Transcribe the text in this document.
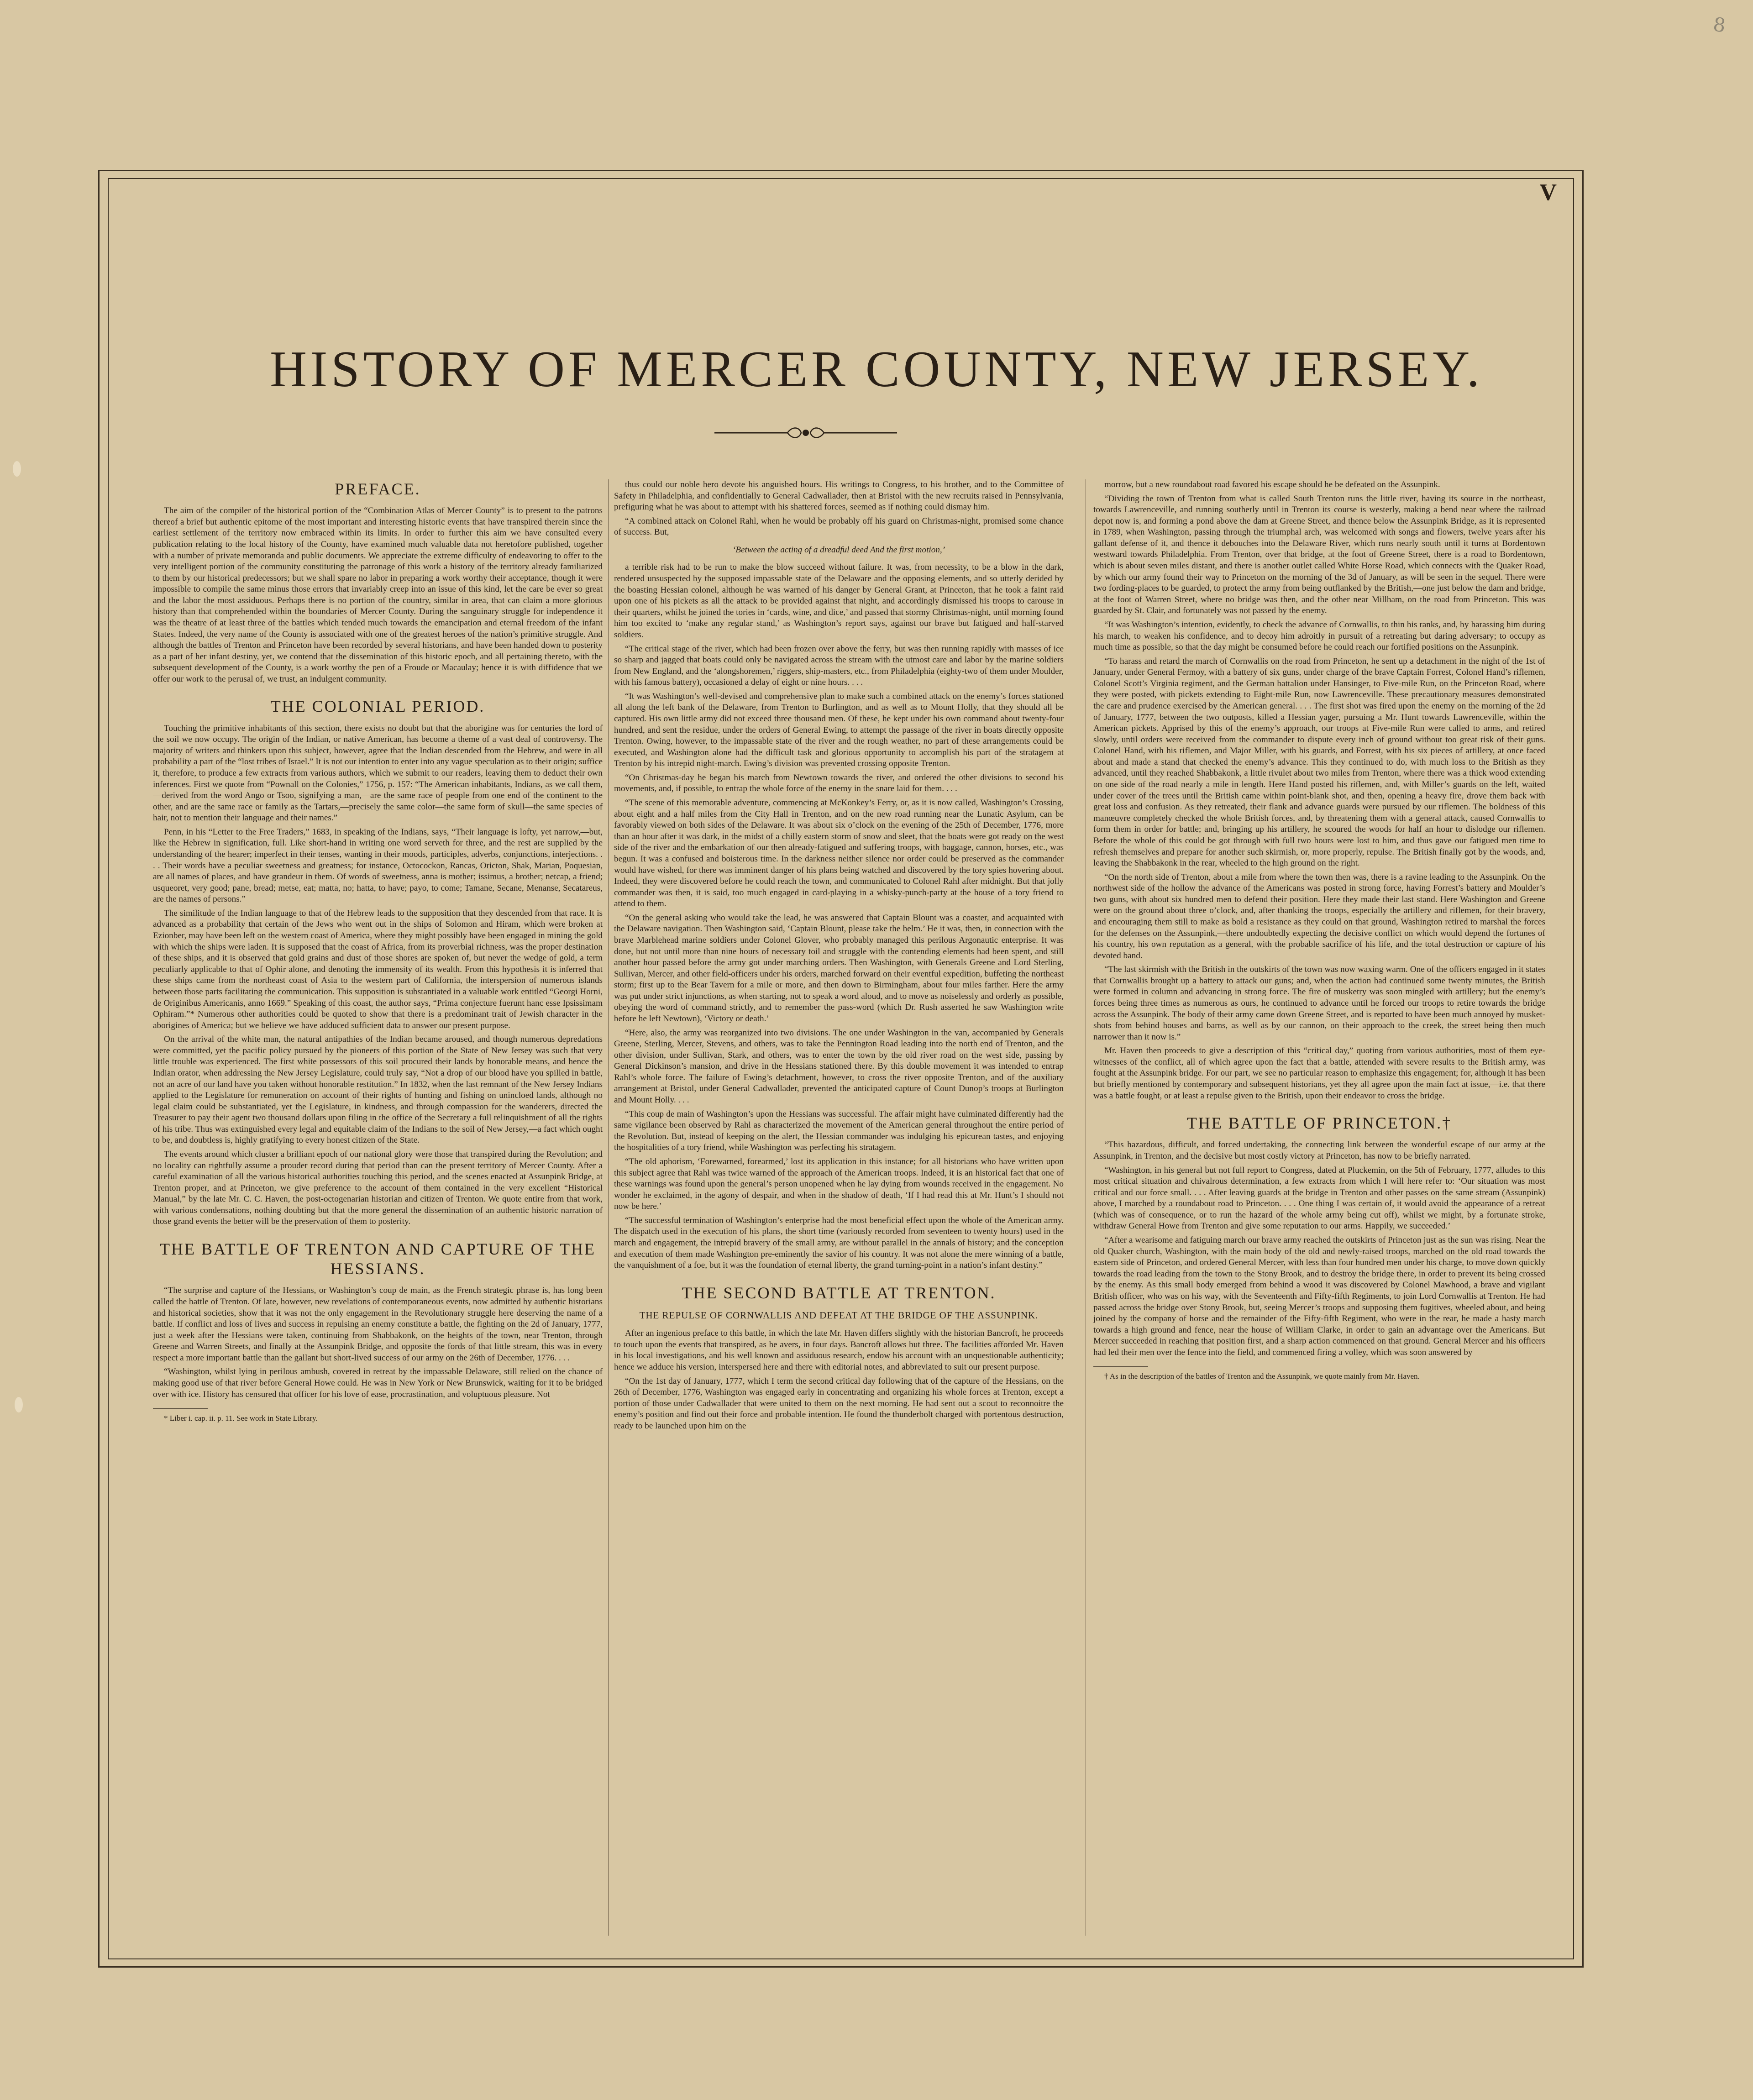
8
V
HISTORY OF MERCER COUNTY, NEW JERSEY.
PREFACE.

The aim of the compiler of the historical portion of the “Combination Atlas of Mercer County” is to present to the patrons thereof a brief but authentic epitome of the most important and interesting historic events that have transpired therein since the earliest settlement of the territory now embraced within its limits. In order to further this aim we have consulted every publication relating to the local history of the County, have examined much valuable data not heretofore published, together with a number of private memoranda and public documents. We appreciate the extreme difficulty of endeavoring to offer to the very intelligent portion of the community constituting the patronage of this work a history of the territory already familiarized to them by our historical predecessors; but we shall spare no labor in preparing a work worthy their acceptance, though it were impossible to compile the same minus those errors that invariably creep into an issue of this kind, let the care be ever so great and the labor the most assiduous. Perhaps there is no portion of the country, similar in area, that can claim a more glorious history than that comprehended within the boundaries of Mercer County. During the sanguinary struggle for independence it was the theatre of at least three of the battles which tended much towards the emancipation and eternal freedom of the infant States. Indeed, the very name of the County is associated with one of the greatest heroes of the nation’s primitive struggle. And although the battles of Trenton and Princeton have been recorded by several historians, and have been handed down to posterity as a part of her infant destiny, yet, we contend that the dissemination of this historic epoch, and all pertaining thereto, with the subsequent development of the County, is a work worthy the pen of a Froude or Macaulay; hence it is with diffidence that we offer our work to the perusal of, we trust, an indulgent community.

THE COLONIAL PERIOD.

Touching the primitive inhabitants of this section, there exists no doubt but that the aborigine was for centuries the lord of the soil we now occupy. The origin of the Indian, or native American, has become a theme of a vast deal of controversy. The majority of writers and thinkers upon this subject, however, agree that the Indian descended from the Hebrew, and were in all probability a part of the “lost tribes of Israel.” It is not our intention to enter into any vague speculation as to their origin; suffice it, therefore, to produce a few extracts from various authors, which we submit to our readers, leaving them to deduct their own inferences. First we quote from “Pownall on the Colonies,” 1756, p. 157: “The American inhabitants, Indians, as we call them,—derived from the word Ango or Tsoo, signifying a man,—are the same race of people from one end of the continent to the other, and are the same race or family as the Tartars,—precisely the same color—the same form of skull—the same species of hair, not to mention their language and their names.”

Penn, in his “Letter to the Free Traders,” 1683, in speaking of the Indians, says, “Their language is lofty, yet narrow,—but, like the Hebrew in signification, full. Like short-hand in writing one word serveth for three, and the rest are supplied by the understanding of the hearer; imperfect in their tenses, wanting in their moods, participles, adverbs, conjunctions, interjections. . . . Their words have a peculiar sweetness and greatness; for instance, Octocockon, Rancas, Oricton, Shak, Marian, Poquesian, are all names of places, and have grandeur in them. Of words of sweetness, anna is mother; issimus, a brother; netcap, a friend; usqueoret, very good; pane, bread; metse, eat; matta, no; hatta, to have; payo, to come; Tamane, Secane, Menanse, Secatareus, are the names of persons.”

The similitude of the Indian language to that of the Hebrew leads to the supposition that they descended from that race. It is advanced as a probability that certain of the Jews who went out in the ships of Solomon and Hiram, which were broken at Ezionber, may have been left on the western coast of America, where they might possibly have been engaged in mining the gold with which the ships were laden. It is supposed that the coast of Africa, from its proverbial richness, was the proper destination of these ships, and it is observed that gold grains and dust of those shores are spoken of, but never the wedge of gold, a term peculiarly applicable to that of Ophir alone, and denoting the immensity of its wealth. From this hypothesis it is inferred that these ships came from the northeast coast of Asia to the western part of California, the interspersion of numerous islands between those parts facilitating the communication. This supposition is substantiated in a valuable work entitled “Georgi Horni, de Originibus Americanis, anno 1669.” Speaking of this coast, the author says, “Prima conjecture fuerunt hanc esse Ipsissimam Ophiram.”* Numerous other authorities could be quoted to show that there is a predominant trait of Jewish character in the aborigines of America; but we believe we have adduced sufficient data to answer our present purpose.

On the arrival of the white man, the natural antipathies of the Indian became aroused, and though numerous depredations were committed, yet the pacific policy pursued by the pioneers of this portion of the State of New Jersey was such that very little trouble was experienced. The first white possessors of this soil procured their lands by honorable means, and hence the Indian orator, when addressing the New Jersey Legislature, could truly say, “Not a drop of our blood have you spilled in battle, not an acre of our land have you taken without honorable restitution.” In 1832, when the last remnant of the New Jersey Indians applied to the Legislature for remuneration on account of their rights of hunting and fishing on unincloed lands, although no legal claim could be substantiated, yet the Legislature, in kindness, and through compassion for the wanderers, directed the Treasurer to pay their agent two thousand dollars upon filing in the office of the Secretary a full relinquishment of all the rights of his tribe. Thus was extinguished every legal and equitable claim of the Indians to the soil of New Jersey,—a fact which ought to be, and doubtless is, highly gratifying to every honest citizen of the State.

The events around which cluster a brilliant epoch of our national glory were those that transpired during the Revolution; and no locality can rightfully assume a prouder record during that period than can the present territory of Mercer County. After a careful examination of all the various historical authorities touching this period, and the scenes enacted at Assunpink Bridge, at Trenton proper, and at Princeton, we give preference to the account of them contained in the very excellent “Historical Manual,” by the late Mr. C. C. Haven, the post-octogenarian historian and citizen of Trenton. We quote entire from that work, with various condensations, nothing doubting but that the more general the dissemination of an authentic historic narration of those grand events the better will be the preservation of them to posterity.

THE BATTLE OF TRENTON AND CAPTURE OF THE HESSIANS.

“The surprise and capture of the Hessians, or Washington’s coup de main, as the French strategic phrase is, has long been called the battle of Trenton. Of late, however, new revelations of contemporaneous events, now admitted by authentic historians and historical societies, show that it was not the only engagement in the Revolutionary struggle here deserving the name of a battle. If conflict and loss of lives and success in repulsing an enemy constitute a battle, the fighting on the 2d of January, 1777, just a week after the Hessians were taken, continuing from Shabbakonk, on the heights of the town, near Trenton, through Greene and Warren Streets, and finally at the Assunpink Bridge, and opposite the fords of that little stream, this was in every respect a more important battle than the gallant but short-lived success of our army on the 26th of December, 1776. . . .

“Washington, whilst lying in perilous ambush, covered in retreat by the impassable Delaware, still relied on the chance of making good use of that river before General Howe could. He was in New York or New Brunswick, waiting for it to be bridged over with ice. History has censured that officer for his love of ease, procrastination, and voluptuous pleasure. Not

* Liber i. cap. ii. p. 11. See work in State Library.

thus could our noble hero devote his anguished hours. His writings to Congress, to his brother, and to the Committee of Safety in Philadelphia, and confidentially to General Cadwallader, then at Bristol with the new recruits raised in Pennsylvania, prefiguring what he was about to attempt with his shattered forces, seemed as if nothing could dismay him.

“A combined attack on Colonel Rahl, when he would be probably off his guard on Christmas-night, promised some chance of success. But,

‘Between the acting of a dreadful deed And the first motion,’

a terrible risk had to be run to make the blow succeed without failure. It was, from necessity, to be a blow in the dark, rendered unsuspected by the supposed impassable state of the Delaware and the opposing elements, and so utterly derided by the boasting Hessian colonel, although he was warned of his danger by General Grant, at Princeton, that he took a faint raid upon one of his pickets as all the attack to be provided against that night, and accordingly dismissed his troops to carouse in their quarters, whilst he joined the tories in ‘cards, wine, and dice,’ and passed that stormy Christmas-night, until morning found him too excited to ‘make any regular stand,’ as Washington’s report says, against our brave but fatigued and half-starved soldiers.

“The critical stage of the river, which had been frozen over above the ferry, but was then running rapidly with masses of ice so sharp and jagged that boats could only be navigated across the stream with the utmost care and labor by the marine soldiers from New England, and the ‘alongshoremen,’ riggers, ship-masters, etc., from Philadelphia (eighty-two of them under Moulder, with his famous battery), occasioned a delay of eight or nine hours. . . .

“It was Washington’s well-devised and comprehensive plan to make such a combined attack on the enemy’s forces stationed all along the left bank of the Delaware, from Trenton to Burlington, and as well as to Mount Holly, that they should all be captured. His own little army did not exceed three thousand men. Of these, he kept under his own command about twenty-four hundred, and sent the residue, under the orders of General Ewing, to attempt the passage of the river in boats directly opposite Trenton. Owing, however, to the impassable state of the river and the rough weather, no part of these arrangements could be executed, and Washington alone had the difficult task and glorious opportunity to accomplish his part of the stratagem at Trenton by his intrepid night-march. Ewing’s division was prevented crossing opposite Trenton.

“On Christmas-day he began his march from Newtown towards the river, and ordered the other divisions to second his movements, and, if possible, to entrap the whole force of the enemy in the snare laid for them. . . .

“The scene of this memorable adventure, commencing at McKonkey’s Ferry, or, as it is now called, Washington’s Crossing, about eight and a half miles from the City Hall in Trenton, and on the new road running near the Lunatic Asylum, can be favorably viewed on both sides of the Delaware. It was about six o’clock on the evening of the 25th of December, 1776, more than an hour after it was dark, in the midst of a chilly eastern storm of snow and sleet, that the boats were got ready on the west side of the river and the embarkation of our then already-fatigued and suffering troops, with baggage, cannon, horses, etc., was begun. It was a confused and boisterous time. In the darkness neither silence nor order could be preserved as the commander would have wished, for there was imminent danger of his plans being watched and discovered by the tory spies hovering about. Indeed, they were discovered before he could reach the town, and communicated to Colonel Rahl after midnight. But that jolly commander was then, it is said, too much engaged in card-playing in a whisky-punch-party at the house of a tory friend to attend to them.

“On the general asking who would take the lead, he was answered that Captain Blount was a coaster, and acquainted with the Delaware navigation. Then Washington said, ‘Captain Blount, please take the helm.’ He it was, then, in connection with the brave Marblehead marine soldiers under Colonel Glover, who probably managed this perilous Argonautic enterprise. It was done, but not until more than nine hours of necessary toil and struggle with the contending elements had been spent, and still another hour passed before the army got under marching orders. Then Washington, with Generals Greene and Lord Sterling, Sullivan, Mercer, and other field-officers under his orders, marched forward on their eventful expedition, buffeting the northeast storm; first up to the Bear Tavern for a mile or more, and then down to Birmingham, about four miles farther. Here the army was put under strict injunctions, as when starting, not to speak a word aloud, and to move as noiselessly and orderly as possible, obeying the word of command strictly, and to remember the pass-word (which Dr. Rush asserted he saw Washington write before he left Newtown), ‘Victory or death.’

“Here, also, the army was reorganized into two divisions. The one under Washington in the van, accompanied by Generals Greene, Sterling, Mercer, Stevens, and others, was to take the Pennington Road leading into the north end of Trenton, and the other division, under Sullivan, Stark, and others, was to enter the town by the old river road on the west side, passing by General Dickinson’s mansion, and drive in the Hessians stationed there. By this double movement it was intended to entrap Rahl’s whole force. The failure of Ewing’s detachment, however, to cross the river opposite Trenton, and of the auxiliary arrangement at Bristol, under General Cadwallader, prevented the anticipated capture of Count Dunop’s troops at Burlington and Mount Holly. . . .

“This coup de main of Washington’s upon the Hessians was successful. The affair might have culminated differently had the same vigilance been observed by Rahl as characterized the movement of the American general throughout the entire period of the Revolution. But, instead of keeping on the alert, the Hessian commander was indulging his epicurean tastes, and enjoying the hospitalities of a tory friend, while Washington was perfecting his stratagem.

“The old aphorism, ‘Forewarned, forearmed,’ lost its application in this instance; for all historians who have written upon this subject agree that Rahl was twice warned of the approach of the American troops. Indeed, it is an historical fact that one of these warnings was found upon the general’s person unopened when he lay dying from wounds received in the engagement. No wonder he exclaimed, in the agony of despair, and when in the shadow of death, ‘If I had read this at Mr. Hunt’s I should not now be here.’

“The successful termination of Washington’s enterprise had the most beneficial effect upon the whole of the American army. The dispatch used in the execution of his plans, the short time (variously recorded from seventeen to twenty hours) used in the march and engagement, the intrepid bravery of the small army, are without parallel in the annals of history; and the conception and execution of them made Washington pre-eminently the savior of his country. It was not alone the mere winning of a battle, the vanquishment of a foe, but it was the foundation of eternal liberty, the grand turning-point in a nation’s infant destiny.”

THE SECOND BATTLE AT TRENTON.
THE REPULSE OF CORNWALLIS AND DEFEAT AT THE BRIDGE OF THE ASSUNPINK.

After an ingenious preface to this battle, in which the late Mr. Haven differs slightly with the historian Bancroft, he proceeds to touch upon the events that transpired, as he avers, in four days. Bancroft allows but three. The facilities afforded Mr. Haven in his local investigations, and his well known and assiduous research, endow his account with an unquestionable authenticity; hence we adduce his version, interspersed here and there with editorial notes, and abbreviated to suit our present purpose.

“On the 1st day of January, 1777, which I term the second critical day following that of the capture of the Hessians, on the 26th of December, 1776, Washington was engaged early in concentrating and organizing his whole forces at Trenton, except a portion of those under Cadwallader that were united to them on the next morning. He had sent out a scout to reconnoitre the enemy’s position and find out their force and probable intention. He found the thunderbolt charged with portentous destruction, ready to be launched upon him on the

morrow, but a new roundabout road favored his escape should he be defeated on the Assunpink.

“Dividing the town of Trenton from what is called South Trenton runs the little river, having its source in the northeast, towards Lawrenceville, and running southerly until in Trenton its course is westerly, making a bend near where the railroad depot now is, and forming a pond above the dam at Greene Street, and thence below the Assunpink Bridge, as it is represented in 1789, when Washington, passing through the triumphal arch, was welcomed with songs and flowers, twelve years after his gallant defense of it, and thence it debouches into the Delaware River, which runs nearly south until it turns at Bordentown westward towards Philadelphia. From Trenton, over that bridge, at the foot of Greene Street, there is a road to Bordentown, which is about seven miles distant, and there is another outlet called White Horse Road, which connects with the Quaker Road, by which our army found their way to Princeton on the morning of the 3d of January, as will be seen in the sequel. There were two fording-places to be guarded, to protect the army from being outflanked by the British,—one just below the dam and bridge, at the foot of Warren Street, where no bridge was then, and the other near Millham, on the road from Princeton. This was guarded by St. Clair, and fortunately was not passed by the enemy.

“It was Washington’s intention, evidently, to check the advance of Cornwallis, to thin his ranks, and, by harassing him during his march, to weaken his confidence, and to decoy him adroitly in pursuit of a retreating but daring adversary; to occupy as much time as possible, so that the day might be consumed before he could reach our fortified positions on the Assunpink.

“To harass and retard the march of Cornwallis on the road from Princeton, he sent up a detachment in the night of the 1st of January, under General Fermoy, with a battery of six guns, under charge of the brave Captain Forrest, Colonel Hand’s riflemen, Colonel Scott’s Virginia regiment, and the German battalion under Hansinger, to Five-mile Run, on the Princeton Road, where they were posted, with pickets extending to Eight-mile Run, now Lawrenceville. These precautionary measures demonstrated the care and prudence exercised by the American general. . . . The first shot was fired upon the enemy on the morning of the 2d of January, 1777, between the two outposts, killed a Hessian yager, pursuing a Mr. Hunt towards Lawrenceville, within the American pickets. Apprised by this of the enemy’s approach, our troops at Five-mile Run were called to arms, and retired slowly, until orders were received from the commander to dispute every inch of ground without too great risk of their guns. Colonel Hand, with his riflemen, and Major Miller, with his guards, and Forrest, with his six pieces of artillery, at once faced about and made a stand that checked the enemy’s advance. This they continued to do, with much loss to the British as they advanced, until they reached Shabbakonk, a little rivulet about two miles from Trenton, where there was a thick wood extending on one side of the road nearly a mile in length. Here Hand posted his riflemen, and, with Miller’s guards on the left, waited under cover of the trees until the British came within point-blank shot, and then, opening a heavy fire, drove them back with great loss and confusion. As they retreated, their flank and advance guards were pursued by our riflemen. The boldness of this manœuvre completely checked the whole British forces, and, by threatening them with a general attack, caused Cornwallis to form them in order for battle; and, bringing up his artillery, he scoured the woods for half an hour to dislodge our riflemen. Before the whole of this could be got through with full two hours were lost to him, and thus gave our fatigued men time to refresh themselves and prepare for another such skirmish, or, more properly, repulse. The British finally got by the woods, and, leaving the Shabbakonk in the rear, wheeled to the high ground on the right.

“On the north side of Trenton, about a mile from where the town then was, there is a ravine leading to the Assunpink. On the northwest side of the hollow the advance of the Americans was posted in strong force, having Forrest’s battery and Moulder’s two guns, with about six hundred men to defend their position. Here they made their last stand. Here Washington and Greene were on the ground about three o’clock, and, after thanking the troops, especially the artillery and riflemen, for their bravery, and encouraging them still to make as bold a resistance as they could on that ground, Washington retired to marshal the forces for the defenses on the Assunpink,—there undoubtedly expecting the decisive conflict on which would depend the fortunes of his country, his own reputation as a general, with the probable sacrifice of his life, and the total destruction or capture of his devoted band.

“The last skirmish with the British in the outskirts of the town was now waxing warm. One of the officers engaged in it states that Cornwallis brought up a battery to attack our guns; and, when the action had continued some twenty minutes, the British were formed in column and advancing in strong force. The fire of musketry was soon mingled with artillery; but the enemy’s forces being three times as numerous as ours, he continued to advance until he forced our troops to retire towards the bridge across the Assunpink. The body of their army came down Greene Street, and is reported to have been much annoyed by musket-shots from behind houses and barns, as well as by our cannon, on their approach to the creek, the street being then much narrower than it now is.”

Mr. Haven then proceeds to give a description of this “critical day,” quoting from various authorities, most of them eye-witnesses of the conflict, all of which agree upon the fact that a battle, attended with severe results to the British army, was fought at the Assunpink bridge. For our part, we see no particular reason to emphasize this engagement; for, although it has been but briefly mentioned by contemporary and subsequent historians, yet they all agree upon the main fact at issue,—i.e. that there was a battle fought, or at least a repulse given to the British, upon their endeavor to cross the bridge.

THE BATTLE OF PRINCETON.†

“This hazardous, difficult, and forced undertaking, the connecting link between the wonderful escape of our army at the Assunpink, in Trenton, and the decisive but most costly victory at Princeton, has now to be briefly narrated.

“Washington, in his general but not full report to Congress, dated at Pluckemin, on the 5th of February, 1777, alludes to this most critical situation and chivalrous determination, a few extracts from which I will here refer to: ‘Our situation was most critical and our force small. . . . After leaving guards at the bridge in Trenton and other passes on the same stream (Assunpink) above, I marched by a roundabout road to Princeton. . . . One thing I was certain of, it would avoid the appearance of a retreat (which was of consequence, or to run the hazard of the whole army being cut off), whilst we might, by a fortunate stroke, withdraw General Howe from Trenton and give some reputation to our arms. Happily, we succeeded.’

“After a wearisome and fatiguing march our brave army reached the outskirts of Princeton just as the sun was rising. Near the old Quaker church, Washington, with the main body of the old and newly-raised troops, marched on the old road towards the eastern side of Princeton, and ordered General Mercer, with less than four hundred men under his charge, to move down quickly towards the road leading from the town to the Stony Brook, and to destroy the bridge there, in order to prevent its being crossed by the enemy. As this small body emerged from behind a wood it was discovered by Colonel Mawhood, a brave and vigilant British officer, who was on his way, with the Seventeenth and Fifty-fifth Regiments, to join Lord Cornwallis at Trenton. He had passed across the bridge over Stony Brook, but, seeing Mercer’s troops and supposing them fugitives, wheeled about, and being joined by the company of horse and the remainder of the Fifty-fifth Regiment, who were in the rear, he made a hasty march towards a high ground and fence, near the house of William Clarke, in order to gain an advantage over the Americans. But Mercer succeeded in reaching that position first, and a sharp action commenced on that ground. General Mercer and his officers had led their men over the fence into the field, and commenced firing a volley, which was soon answered by

† As in the description of the battles of Trenton and the Assunpink, we quote mainly from Mr. Haven.
